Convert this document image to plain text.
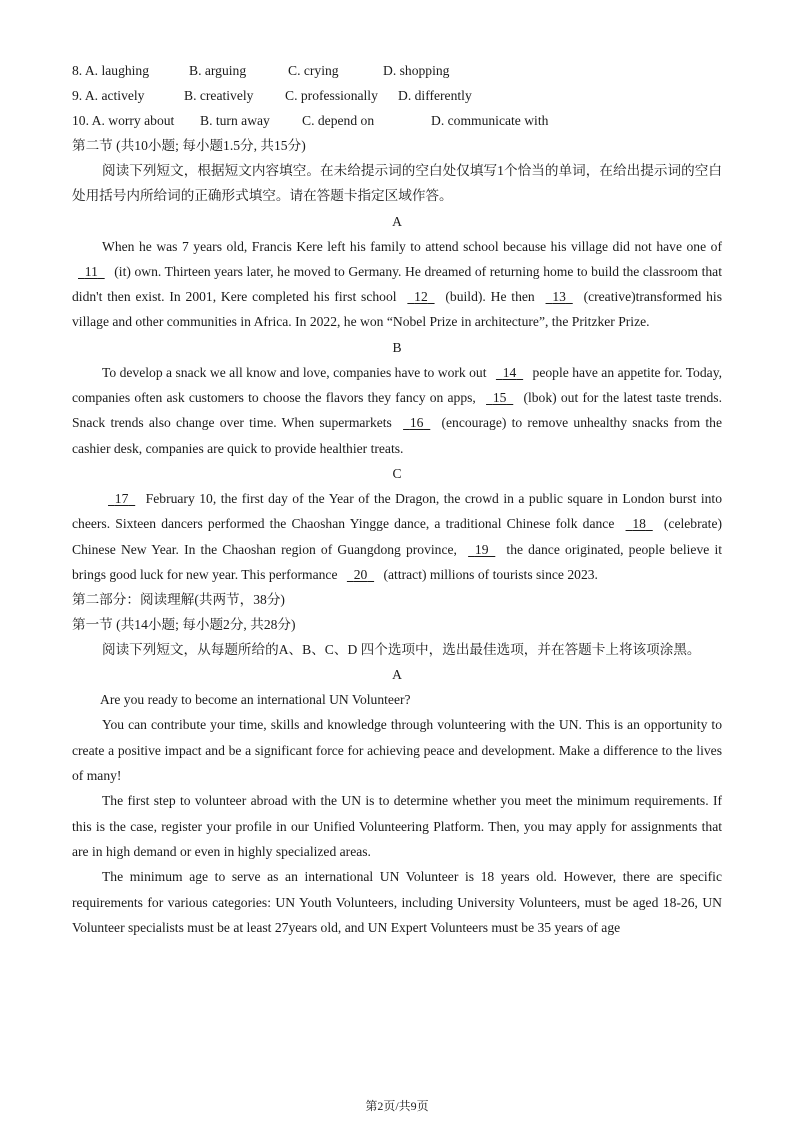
8. A. laughing	B. arguing	C. crying	D. shopping
9. A. actively	B. creatively	C. professionally	D. differently
10. A. worry about	B. turn away	C. depend on	D. communicate with
第二节 (共10小题; 每小题1.5分, 共15分)

阅读下列短文，根据短文内容填空。在未给提示词的空白处仅填写1个恰当的单词，在给出提示词的空白处用括号内所给词的正确形式填空。请在答题卡指定区域作答。

A

When he was 7 years old, Francis Kere left his family to attend school because his village did not have one of 11 (it) own. Thirteen years later, he moved to Germany. He dreamed of returning home to build the classroom that didn't then exist. In 2001, Kere completed his first school 12 (build). He then 13 (creative)transformed his village and other communities in Africa. In 2022, he won “Nobel Prize in architecture”, the Pritzker Prize.

B

To develop a snack we all know and love, companies have to work out 14 people have an appetite for. Today, companies often ask customers to choose the flavors they fancy on apps, 15 (lbok) out for the latest taste trends. Snack trends also change over time. When supermarkets 16 (encourage) to remove unhealthy snacks from the cashier desk, companies are quick to provide healthier treats.

C

17 February 10, the first day of the Year of the Dragon, the crowd in a public square in London burst into cheers. Sixteen dancers performed the Chaoshan Yingge dance, a traditional Chinese folk dance 18 (celebrate) Chinese New Year. In the Chaoshan region of Guangdong province, 19 the dance originated, people believe it brings good luck for new year. This performance 20 (attract) millions of tourists since 2023.

第二部分：阅读理解(共两节，38分)
第一节 (共14小题; 每小题2分, 共28分)

阅读下列短文，从每题所给的A、B、C、D 四个选项中，选出最佳选项，并在答题卡上将该项涂黑。

A
Are you ready to become an international UN Volunteer?

You can contribute your time, skills and knowledge through volunteering with the UN. This is an opportunity to create a positive impact and be a significant force for achieving peace and development. Make a difference to the lives of many!

The first step to volunteer abroad with the UN is to determine whether you meet the minimum requirements. If this is the case, register your profile in our Unified Volunteering Platform. Then, you may apply for assignments that are in high demand or even in highly specialized areas.

The minimum age to serve as an international UN Volunteer is 18 years old. However, there are specific requirements for various categories: UN Youth Volunteers, including University Volunteers, must be aged 18-26, UN Volunteer specialists must be at least 27years old, and UN Expert Volunteers must be 35 years of age

第2页/共9页
